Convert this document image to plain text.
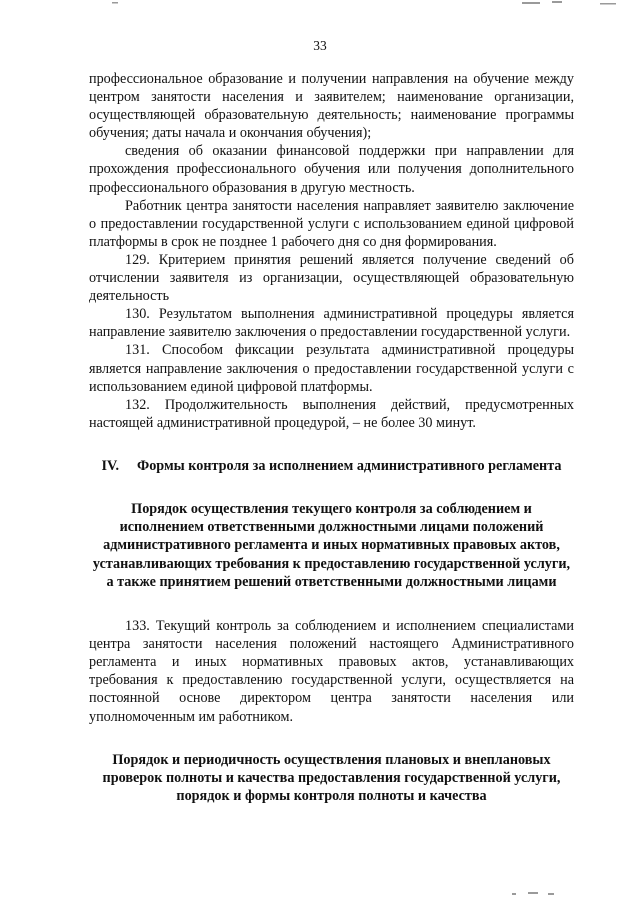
33

профессиональное образование и получении направления на обучение между центром занятости населения и заявителем; наименование организации, осуществляющей образовательную деятельность; наименование программы обучения; даты начала и окончания обучения);

сведения об оказании финансовой поддержки при направлении для прохождения профессионального обучения или получения дополнительного профессионального образования в другую местность.

Работник центра занятости населения направляет заявителю заключение о предоставлении государственной услуги с использованием единой цифровой платформы в срок не позднее 1 рабочего дня со дня формирования.

129. Критерием принятия решений является получение сведений об отчислении заявителя из организации, осуществляющей образовательную деятельность

130. Результатом выполнения административной процедуры является направление заявителю заключения о предоставлении государственной услуги.

131. Способом фиксации результата административной процедуры является направление заключения о предоставлении государственной услуги с использованием единой цифровой платформы.

132. Продолжительность выполнения действий, предусмотренных настоящей административной процедурой, – не более 30 минут.

IV. Формы контроля за исполнением административного регламента

Порядок осуществления текущего контроля за соблюдением и исполнением ответственными должностными лицами положений административного регламента и иных нормативных правовых актов, устанавливающих требования к предоставлению государственной услуги, а также принятием решений ответственными должностными лицами

133. Текущий контроль за соблюдением и исполнением специалистами центра занятости населения положений настоящего Административного регламента и иных нормативных правовых актов, устанавливающих требования к предоставлению государственной услуги, осуществляется на постоянной основе директором центра занятости населения или уполномоченным им работником.

Порядок и периодичность осуществления плановых и внеплановых проверок полноты и качества предоставления государственной услуги, порядок и формы контроля полноты и качества
